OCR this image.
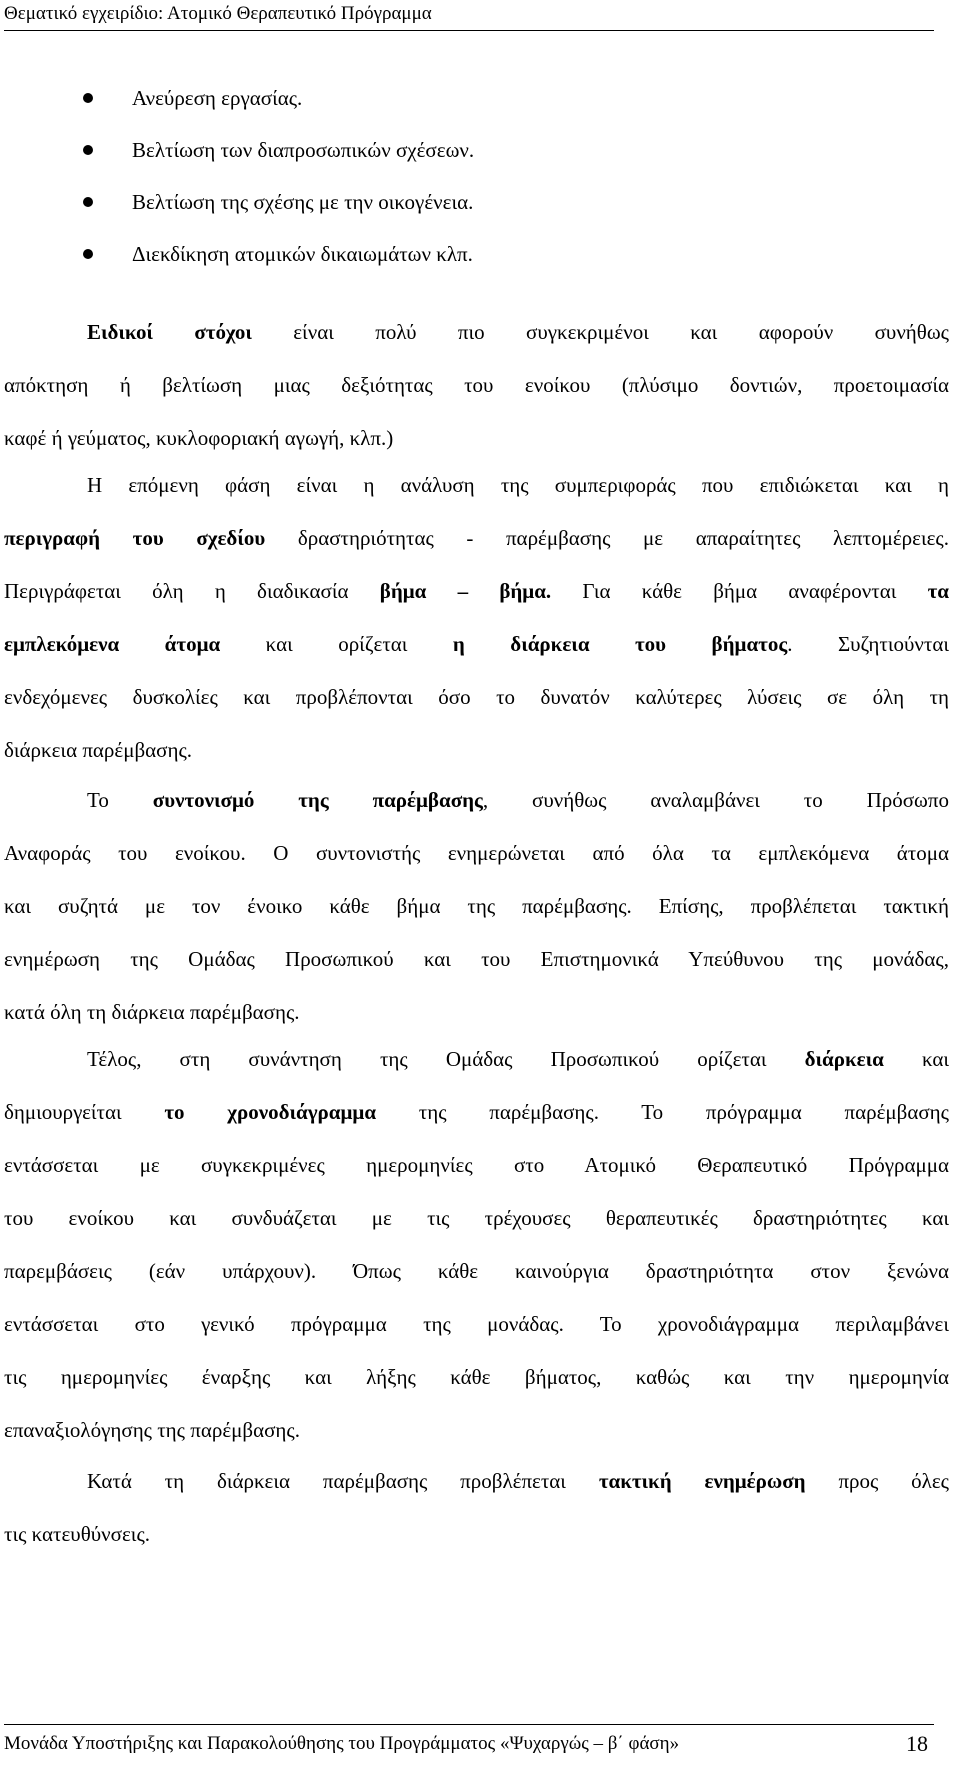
Θεματικό εγχειρίδιο: Ατομικό Θεραπευτικό Πρόγραμμα
Ανεύρεση εργασίας.
Βελτίωση των διαπροσωπικών σχέσεων.
Βελτίωση της σχέσης με την οικογένεια.
Διεκδίκηση ατομικών δικαιωμάτων κλπ.
Ειδικοί στόχοι είναι πολύ πιο συγκεκριμένοι και αφορούν συνήθως
απόκτηση ή βελτίωση μιας δεξιότητας του ενοίκου (πλύσιμο δοντιών, προετοιμασία
καφέ ή γεύματος, κυκλοφοριακή αγωγή, κλπ.)
Η επόμενη φάση είναι η ανάλυση της συμπεριφοράς που επιδιώκεται και η
περιγραφή του σχεδίου δραστηριότητας - παρέμβασης με απαραίτητες λεπτομέρειες.
Περιγράφεται όλη η διαδικασία βήμα – βήμα. Για κάθε βήμα αναφέρονται τα
εμπλεκόμενα άτομα και ορίζεται η διάρκεια του βήματος. Συζητιούνται
ενδεχόμενες δυσκολίες και προβλέπονται όσο το δυνατόν καλύτερες λύσεις σε όλη τη
διάρκεια παρέμβασης.
Το συντονισμό της παρέμβασης, συνήθως αναλαμβάνει το Πρόσωπο
Αναφοράς του ενοίκου. Ο συντονιστής ενημερώνεται από όλα τα εμπλεκόμενα άτομα
και συζητά με τον ένοικο κάθε βήμα της παρέμβασης. Επίσης, προβλέπεται τακτική
ενημέρωση της Ομάδας Προσωπικού και του Επιστημονικά Υπεύθυνου της μονάδας,
κατά όλη τη διάρκεια παρέμβασης.
Τέλος, στη συνάντηση της Ομάδας Προσωπικού ορίζεται διάρκεια και
δημιουργείται το χρονοδιάγραμμα της παρέμβασης. Το πρόγραμμα παρέμβασης
εντάσσεται με συγκεκριμένες ημερομηνίες στο Ατομικό Θεραπευτικό Πρόγραμμα
του ενοίκου και συνδυάζεται με τις τρέχουσες θεραπευτικές δραστηριότητες και
παρεμβάσεις (εάν υπάρχουν). Όπως κάθε καινούργια δραστηριότητα στον ξενώνα
εντάσσεται στο γενικό πρόγραμμα της μονάδας. Το χρονοδιάγραμμα περιλαμβάνει
τις ημερομηνίες έναρξης και λήξης κάθε βήματος, καθώς και την ημερομηνία
επαναξιολόγησης της παρέμβασης.
Κατά τη διάρκεια παρέμβασης προβλέπεται τακτική ενημέρωση προς όλες
τις κατευθύνσεις.
Μονάδα Υποστήριξης και Παρακολούθησης του Προγράμματος «Ψυχαργώς – β΄ φάση»	18
